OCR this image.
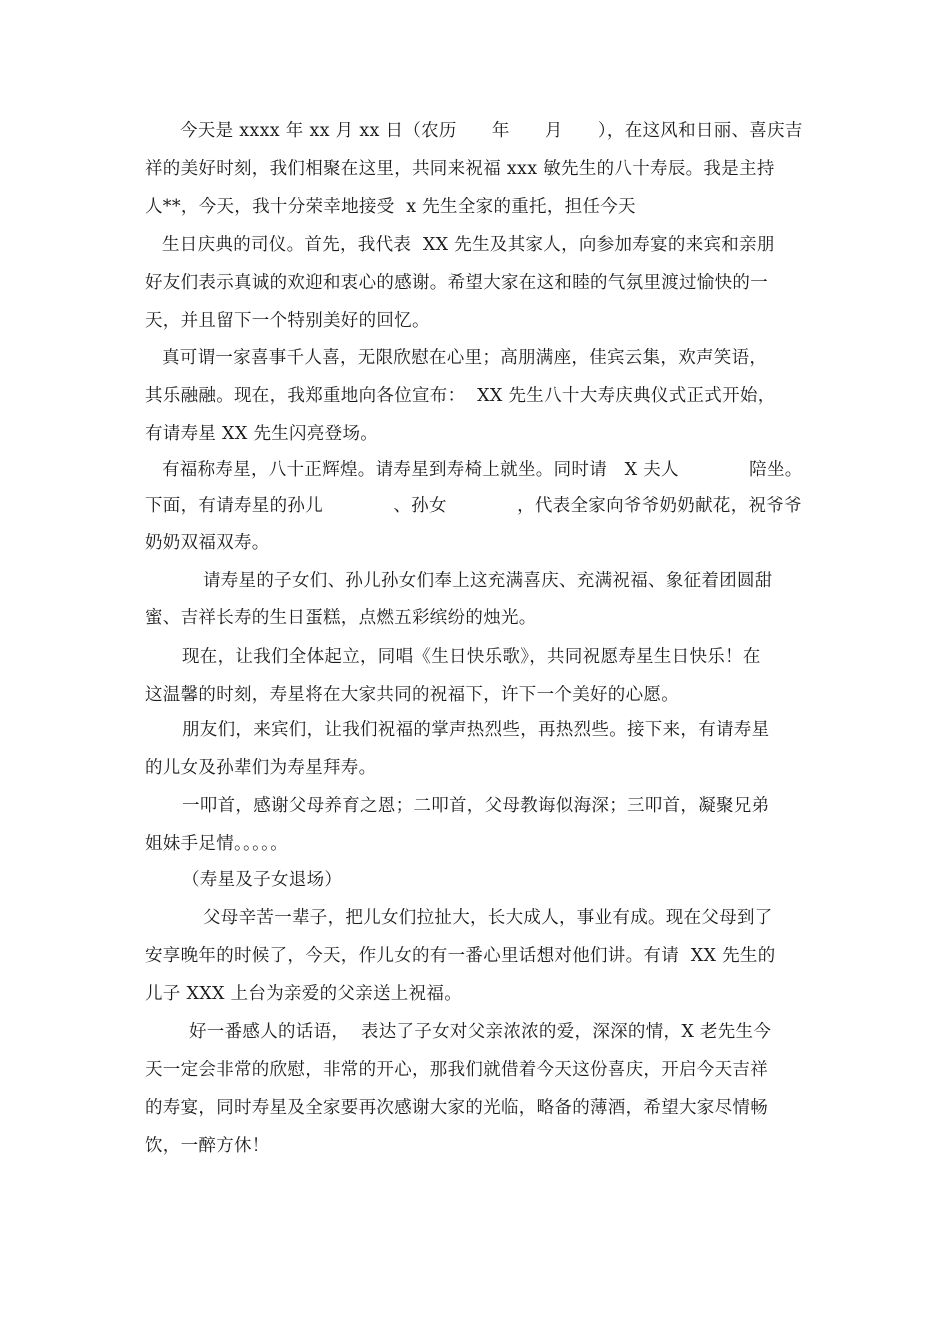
今天是 xxxx 年 xx 月 xx 日（农历      年      月      ），在这风和日丽、喜庆吉
祥的美好时刻，我们相聚在这里，共同来祝福 xxx 敏先生的八十寿辰。我是主持
人**，今天，我十分荣幸地接受  x 先生全家的重托，担任今天
生日庆典的司仪。首先，我代表  XX 先生及其家人，向参加寿宴的来宾和亲朋
好友们表示真诚的欢迎和衷心的感谢。希望大家在这和睦的气氛里渡过愉快的一
天，并且留下一个特别美好的回忆。
真可谓一家喜事千人喜，无限欣慰在心里；高朋满座，佳宾云集，欢声笑语，
其乐融融。现在，我郑重地向各位宣布：  XX 先生八十大寿庆典仪式正式开始，
有请寿星 XX 先生闪亮登场。
有福称寿星，八十正辉煌。请寿星到寿椅上就坐。同时请   X 夫人            陪坐。
下面，有请寿星的孙儿            、孙女            ，代表全家向爷爷奶奶献花，祝爷爷
奶奶双福双寿。
请寿星的子女们、孙儿孙女们奉上这充满喜庆、充满祝福、象征着团圆甜
蜜、吉祥长寿的生日蛋糕，点燃五彩缤纷的烛光。
现在，让我们全体起立，同唱《生日快乐歌》，共同祝愿寿星生日快乐！在
这温馨的时刻，寿星将在大家共同的祝福下，许下一个美好的心愿。
朋友们，来宾们，让我们祝福的掌声热烈些，再热烈些。接下来，有请寿星
的儿女及孙辈们为寿星拜寿。
一叩首，感谢父母养育之恩；二叩首，父母教诲似海深；三叩首，凝聚兄弟
姐妹手足情。。。。。
（寿星及子女退场）
父母辛苦一辈子，把儿女们拉扯大，长大成人，事业有成。现在父母到了
安享晚年的时候了，今天，作儿女的有一番心里话想对他们讲。有请  XX 先生的
儿子 XXX 上台为亲爱的父亲送上祝福。
好一番感人的话语，  表达了子女对父亲浓浓的爱，深深的情，X 老先生今
天一定会非常的欣慰，非常的开心，那我们就借着今天这份喜庆，开启今天吉祥
的寿宴，同时寿星及全家要再次感谢大家的光临，略备的薄酒，希望大家尽情畅
饮，一醉方休！
